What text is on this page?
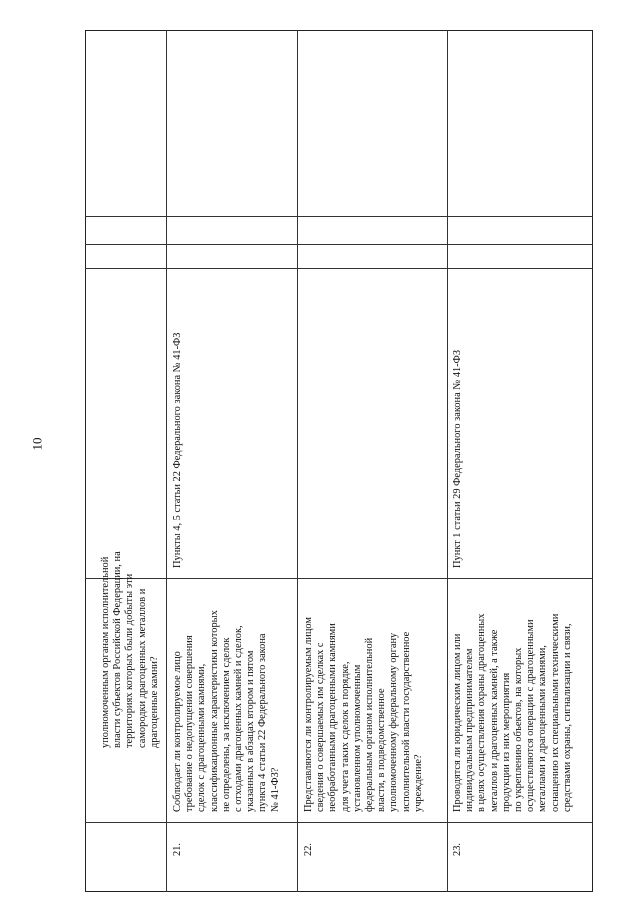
10
уполномоченным органам исполнительной власти субъектов Российской Федерации, на территориях которых были добыты эти самородки драгоценных металлов и драгоценные камни?
21.
Соблюдает ли контролируемое лицо требование о недопущении совершения сделок с драгоценными камнями, классификационные характеристики которых не определены, за исключением сделок с отходами драгоценных камней и сделок, указанных в абзацах втором и пятом пункта 4 статьи 22 Федерального закона № 41-ФЗ?
Пункты 4, 5 статьи 22 Федерального закона № 41-ФЗ
22.
Представляются ли контролируемым лицом сведения о совершаемых им сделках с необработанными драгоценными камнями для учета таких сделок в порядке, установленном уполномоченным федеральным органом исполнительной власти, в подведомственное уполномоченному федеральному органу исполнительной власти государственное учреждение?
23.
Проводятся ли юридическим лицом или индивидуальным предпринимателем в целях осуществления охраны драгоценных металлов и драгоценных камней, а также продукции из них мероприятия по укреплению объектов, на которых осуществляются операции с драгоценными металлами и драгоценными камнями, оснащению их специальными техническими средствами охраны, сигнализации и связи,
Пункт 1 статьи 29 Федерального закона № 41-ФЗ
